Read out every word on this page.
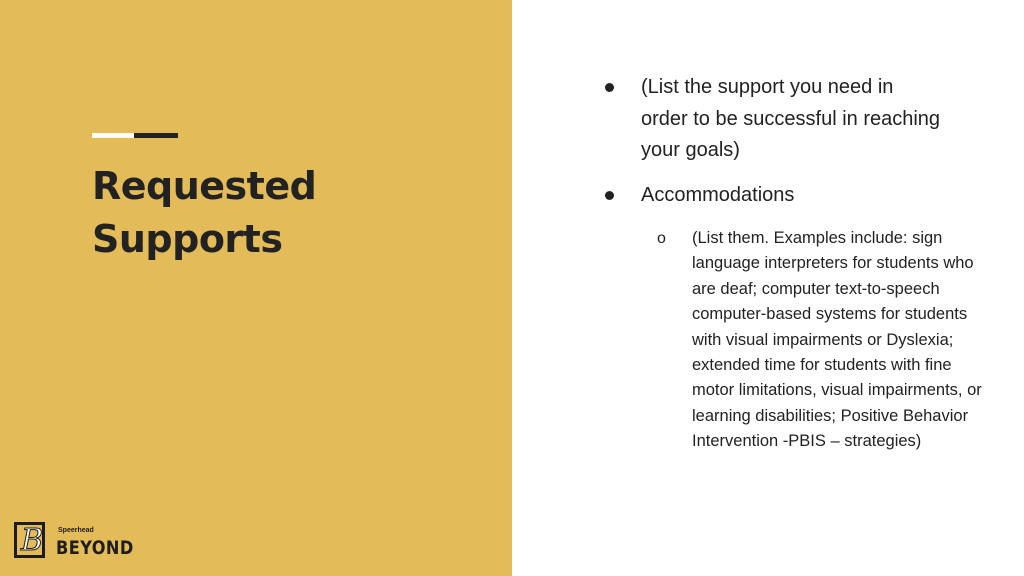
Requested Supports
B Speerhead
BEYOND
(List the support you need in order to be successful in reaching your goals)
Accommodations
o (List them. Examples include: sign language interpreters for students who are deaf; computer text-to-speech computer-based systems for students with visual impairments or Dyslexia; extended time for students with fine motor limitations, visual impairments, or learning disabilities; Positive Behavior Intervention -PBIS – strategies)
